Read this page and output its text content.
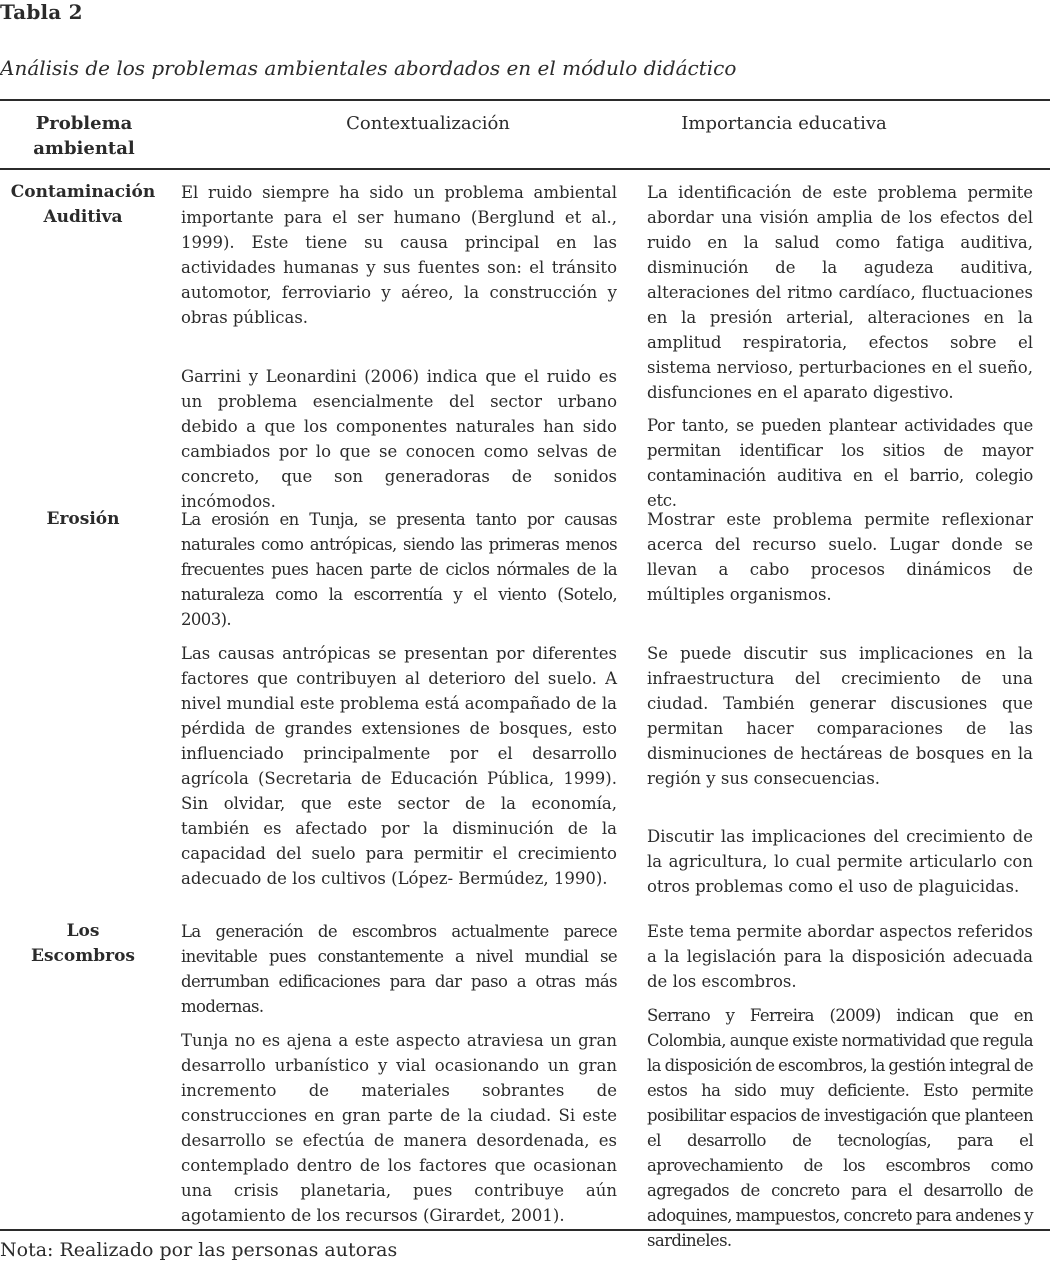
Tabla 2
Análisis de los problemas ambientales abordados en el módulo didáctico
Problema ambiental
Contextualización	Importancia educativa
Contaminación Auditiva
El ruido siempre ha sido un problema ambiental importante para el ser humano (Berglund et al., 1999). Este tiene su causa principal en las actividades humanas y sus fuentes son: el tránsito automotor, ferroviario y aéreo, la construcción y obras públicas.
Garrini y Leonardini (2006) indica que el ruido es un problema esencialmente del sector urbano debido a que los componentes naturales han sido cambiados por lo que se conocen como selvas de concreto, que son generadoras de sonidos incómodos.
La identificación de este problema permite abordar una visión amplia de los efectos del ruido en la salud como fatiga auditiva, disminución de la agudeza auditiva, alteraciones del ritmo cardíaco, fluctuaciones en la presión arterial, alteraciones en la amplitud respiratoria, efectos sobre el sistema nervioso, perturbaciones en el sueño, disfunciones en el aparato digestivo.
Por tanto, se pueden plantear actividades que permitan identificar los sitios de mayor contaminación auditiva en el barrio, colegio etc.
Erosión	La erosión en Tunja, se presenta tanto por causas naturales como antrópicas, siendo las primeras menos frecuentes pues hacen parte de ciclos nórmales de la naturaleza como la escorrentía y el viento (Sotelo, 2003).
Las causas antrópicas se presentan por diferentes factores que contribuyen al deterioro del suelo. A nivel mundial este problema está acompañado de la pérdida de grandes extensiones de bosques, esto influenciado principalmente por el desarrollo agrícola (Secretaria de Educación Pública, 1999). Sin olvidar, que este sector de la economía, también es afectado por la disminución de la capacidad del suelo para permitir el crecimiento adecuado de los cultivos (López- Bermúdez, 1990).
Mostrar este problema permite reflexionar acerca del recurso suelo. Lugar donde se llevan a cabo procesos dinámicos de múltiples organismos.
Se puede discutir sus implicaciones en la infraestructura del crecimiento de una ciudad. También generar discusiones que permitan hacer comparaciones de las disminuciones de hectáreas de bosques en la región y sus consecuencias.
Discutir las implicaciones del crecimiento de la agricultura, lo cual permite articularlo con otros problemas como el uso de plaguicidas.
Los Escombros
La generación de escombros actualmente parece inevitable pues constantemente a nivel mundial se derrumban edificaciones para dar paso a otras más modernas.
Tunja no es ajena a este aspecto atraviesa un gran desarrollo urbanístico y vial ocasionando un gran incremento de materiales sobrantes de construcciones en gran parte de la ciudad. Si este desarrollo se efectúa de manera desordenada, es contemplado dentro de los factores que ocasionan una crisis planetaria, pues contribuye aún agotamiento de los recursos (Girardet, 2001).
Este tema permite abordar aspectos referidos a la legislación para la disposición adecuada de los escombros.
Serrano y Ferreira (2009) indican que en Colombia, aunque existe normatividad que regula la disposición de escombros, la gestión integral de estos ha sido muy deficiente. Esto permite posibilitar espacios de investigación que planteen el desarrollo de tecnologías, para el aprovechamiento de los escombros como agregados de concreto para el desarrollo de adoquines, mampuestos, concreto para andenes y sardineles.
Nota: Realizado por las personas autoras
